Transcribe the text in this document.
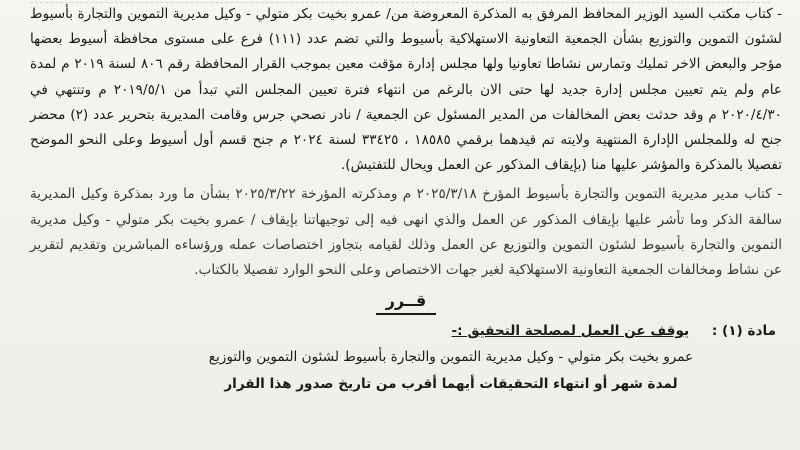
- كتاب مكتب السيد الوزير المحافظ المرفق به المذكرة المعروضة من/ عمرو بخيت بكر متولي - وكيل مديرية التموين والتجارة بأسيوط لشئون التموين والتوزيع بشأن الجمعية التعاونية الاستهلاكية بأسيوط والتي تضم عدد (١١١) فرع على مستوى محافظة أسيوط بعضها مؤجر والبعض الاخر تمليك وتمارس نشاطا تعاونيا ولها مجلس إدارة مؤقت معين بموجب القرار المحافظة رقم ٨٠٦ لسنة ٢٠١٩ م لمدة عام ولم يتم تعيين مجلس إدارة جديد لها حتى الان بالرغم من انتهاء فترة تعيين المجلس التي تبدأ من ٢٠١٩/٥/١ م وتنتهي في ٢٠٢٠/٤/٣٠ م وقد حدثت بعض المخالفات من المدير المسئول عن الجمعية / نادر نصحي جرس وقامت المديرية بتحرير عدد (٢) محضر جنح له وللمجلس الإدارة المنتهية ولايته تم قيدهما برقمي ١٨٥٨٥ ، ٣٣٤٢٥ لسنة ٢٠٢٤ م جنح قسم أول أسيوط وعلى النحو الموضح تفصيلا بالمذكرة والمؤشر عليها منا (بإيقاف المذكور عن العمل ويحال للتفتيش).

- كتاب مدير مديرية التموين والتجارة بأسيوط المؤرخ ٢٠٢٥/٣/١٨ م ومذكرته المؤرخة ٢٠٢٥/٣/٢٢ بشأن ما ورد بمذكرة وكيل المديرية سالفة الذكر وما تأشر عليها بإيقاف المذكور عن العمل والذي انهى فيه إلى توجيهاتنا بإيقاف / عمرو بخيت بكر متولي - وكيل مديرية التموين والتجارة بأسيوط لشئون التموين والتوزيع عن العمل وذلك لقيامه بتجاوز اختصاصات عمله ورؤساءه المباشرين وتقديم لتقرير عن نشاط ومخالفات الجمعية التعاونية الاستهلاكية لغير جهات الاختصاص وعلى النحو الوارد تفصيلا بالكتاب.

قــرر

مادة (١) : يوقف عن العمل لمصلحة التحقيق :-

عمرو بخيت بكر متولي - وكيل مديرية التموين والتجارة بأسيوط لشئون التموين والتوزيع

لمدة شهر أو انتهاء التحقيقات أيهما أقرب من تاريخ صدور هذا القرار
